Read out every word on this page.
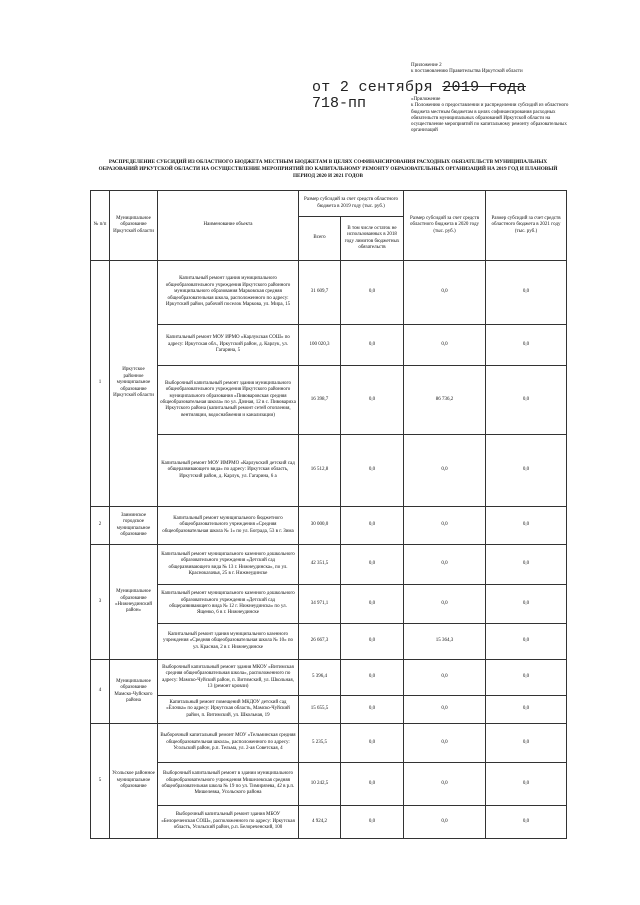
Приложение 2
к постановлению Правительства Иркутской области
от 2 сентября 2019 года
718-пп	«Приложение
к Положению о предоставлении и распределении субсидий из областного бюджета местным бюджетам в целях софинансирования расходных обязательств муниципальных образований Иркутской области на осуществление мероприятий по капитальному ремонту образовательных организаций
РАСПРЕДЕЛЕНИЕ СУБСИДИЙ ИЗ ОБЛАСТНОГО БЮДЖЕТА МЕСТНЫМ БЮДЖЕТАМ В ЦЕЛЯХ СОФИНАНСИРОВАНИЯ РАСХОДНЫХ ОБЯЗАТЕЛЬСТВ МУНИЦИПАЛЬНЫХ ОБРАЗОВАНИЙ ИРКУТСКОЙ ОБЛАСТИ НА ОСУЩЕСТВЛЕНИЕ МЕРОПРИЯТИЙ ПО КАПИТАЛЬНОМУ РЕМОНТУ ОБРАЗОВАТЕЛЬНЫХ ОРГАНИЗАЦИЙ НА 2019 ГОД И ПЛАНОВЫЙ ПЕРИОД 2020 И 2021 ГОДОВ
№ п/п	Муниципальное образование Иркутской области	Наименование объекта	Размер субсидий за счет средств областного бюджета в 2019 году (тыс. руб.)		Размер субсидий за счет средств областного бюджета в 2020 году (тыс. руб.)	Размер субсидий за счет средств областного бюджета в 2021 году (тыс. руб.)
			Всего	В том числе остаток не использованных в 2018 году лимитов бюджетных обязательств		
1	Иркутское районное муниципальное образование Иркутской области	Капитальный ремонт здания муниципального общеобразовательного учреждения Иркутского районного муниципального образования Марковская средняя общеобразовательная школа, расположенного по адресу: Иркутский район, рабочий поселок Маркова, ул. Мира, 15	31 609,7	0,0	0,0	0,0
		Капитальный ремонт МОУ ИРМО «Карлукская СОШ» по адресу: Иркутская обл., Иркутский район, д. Карлук, ул. Гагарина, 5	100 020,3	0,0	0,0	0,0
		Выборочный капитальный ремонт здания муниципального общеобразовательного учреждения Иркутского районного муниципального образования «Пивоваровская средняя общеобразовательная школа» по ул. Дачная, 12 в с. Пивовариха Иркутского района (капитальный ремонт сетей отопления, вентиляции, водоснабжения и канализации)	16 398,7	0,0	86 736,2	0,0
		Капитальный ремонт МОУ ИМРМО «Карлукский детский сад общеразвивающего вида» по адресу: Иркутская область, Иркутский район, д. Карлук, ул. Гагарина, 6 а	16 512,8	0,0	0,0	0,0
2	Заиминское городское муниципальное образование	Капитальный ремонт муниципального бюджетного общеобразовательного учреждения «Средняя общеобразовательная школа № 1» по ул. Бограда, 53 в г. Зима	30 000,0	0,0	0,0	0,0
3	Муниципальное образование «Нижнеудинский район»	Капитальный ремонт муниципального казенного дошкольного образовательного учреждения «Детский сад общеразвивающего вида № 13 г. Нижнеудинска», по ул. Красноказачья, 25 в г. Нижнеудинске	42 351,5	0,0	0,0	0,0
		Капитальный ремонт муниципального казенного дошкольного образовательного учреждения «Детский сад общеразвивающего вида № 12 г. Нижнеудинска» по ул. Ященко, 6 в г. Нижнеудинске	34 971,1	0,0	0,0	0,0
		Капитальный ремонт здания муниципального казенного учреждения «Средняя общеобразовательная школа № 10» по ул. Красная, 2 в г. Нижнеудинске	26 667,3	0,0	15 364,3	0,0
4	Муниципальное образование Мамско-Чуйского района	Выборочный капитальный ремонт здания МКОУ «Витимская средняя общеобразовательная школа», расположенного по адресу: Мамско-Чуйский район, п. Витимский, ул. Школьная, 13 (ремонт кровли)	5 396,4	0,0	0,0	0,0
		Капитальный ремонт помещений МКДОУ детский сад «Ёлочка» по адресу: Иркутская область, Мамско-Чуйский район, п. Витимский, ул. Школьная, 19	15 655,5	0,0	0,0	0,0
5	Усольское районное муниципальное образование	Выборочный капитальный ремонт МОУ «Тельминская средняя общеобразовательная школа», расположенного по адресу: Усольский район, р.п. Тельма, ул. 2-ая Советская, 4	5 235,5	0,0	0,0	0,0
		Выборочный капитальный ремонт в здании муниципального общеобразовательного учреждения Мишелевская средняя общеобразовательная школа № 19 по ул. Тимирязева, 42 в р.п. Мишелевка, Усольского района	10 242,5	0,0	0,0	0,0
		Выборочный капитальный ремонт здания МБОУ «Белореченская СОШ», расположенного по адресу: Иркутская область, Усольский район, р.п. Белореченский, 100	4 924,2	0,0	0,0	0,0
